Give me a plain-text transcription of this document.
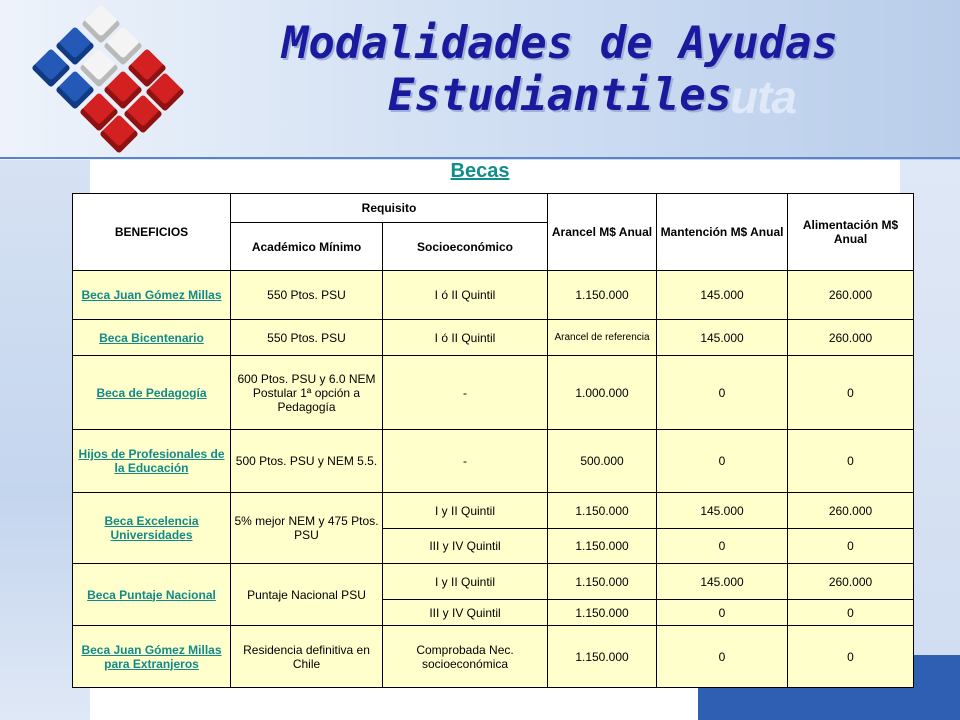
uta
Modalidades de Ayudas
Estudiantiles
Becas
BENEFICIOS	Requisito		Arancel M$ Anual	Mantención M$ Anual	Alimentación M$ Anual
	Académico Mínimo	Socioeconómico			
Beca Juan Gómez Millas	550 Ptos. PSU	I ó II Quintil	1.150.000	145.000	260.000
Beca Bicentenario	550 Ptos. PSU	I ó II Quintil	Arancel de referencia	145.000	260.000
Beca de Pedagogía	600 Ptos. PSU y 6.0 NEM Postular 1ª opción a Pedagogía	-	1.000.000	0	0
Hijos de Profesionales de la Educación	500 Ptos. PSU y NEM 5.5.	-	500.000	0	0
Beca Excelencia Universidades	5% mejor NEM y 475 Ptos. PSU	I y II Quintil	1.150.000	145.000	260.000
		III y IV Quintil	1.150.000	0	0
Beca Puntaje Nacional	Puntaje Nacional PSU	I y II Quintil	1.150.000	145.000	260.000
		III y IV Quintil	1.150.000	0	0
Beca Juan Gómez Millas para Extranjeros	Residencia definitiva en Chile	Comprobada Nec. socioeconómica	1.150.000	0	0
